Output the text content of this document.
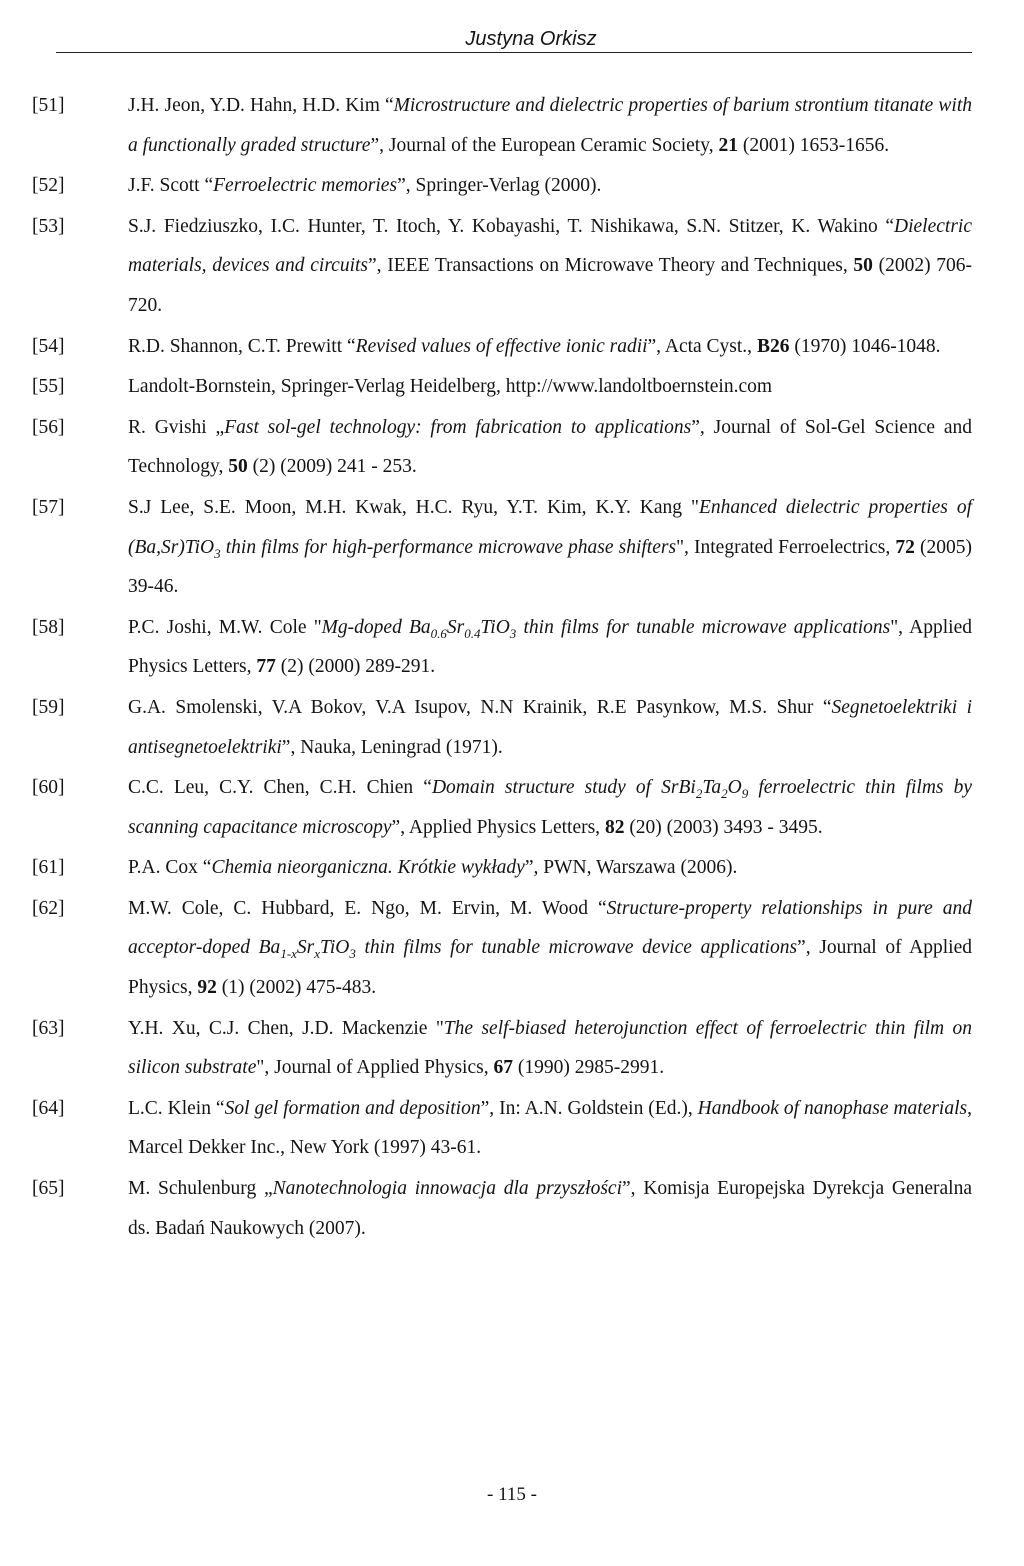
Justyna Orkisz
[51]	J.H. Jeon, Y.D. Hahn, H.D. Kim “Microstructure and dielectric properties of barium strontium titanate with a functionally graded structure”, Journal of the European Ceramic Society, 21 (2001) 1653-1656.
[52]	J.F. Scott “Ferroelectric memories”, Springer-Verlag (2000).
[53]	S.J. Fiedziuszko, I.C. Hunter, T. Itoch, Y. Kobayashi, T. Nishikawa, S.N. Stitzer, K. Wakino “Dielectric materials, devices and circuits”, IEEE Transactions on Microwave Theory and Techniques, 50 (2002) 706-720.
[54]	R.D. Shannon, C.T. Prewitt “Revised values of effective ionic radii”, Acta Cyst., B26 (1970) 1046-1048.
[55]	Landolt-Bornstein, Springer-Verlag Heidelberg, http://www.landoltboernstein.com
[56]	R. Gvishi „Fast sol-gel technology: from fabrication to applications”, Journal of Sol-Gel Science and Technology, 50 (2) (2009) 241 - 253.
[57]	S.J Lee, S.E. Moon, M.H. Kwak, H.C. Ryu, Y.T. Kim, K.Y. Kang "Enhanced dielectric properties of (Ba,Sr)TiO$_3$ thin films for high-performance microwave phase shifters", Integrated Ferroelectrics, 72 (2005) 39-46.
[58]	P.C. Joshi, M.W. Cole "Mg-doped $Ba_{0.6}Sr_{0.4}TiO_3$ thin films for tunable microwave applications", Applied Physics Letters, 77 (2) (2000) 289-291.
[59]	G.A. Smolenski, V.A Bokov, V.A Isupov, N.N Krainik, R.E Pasynkow, M.S. Shur “Segnetoelektriki i antisegnetoelektriki”, Nauka, Leningrad (1971).
[60]	C.C. Leu, C.Y. Chen, C.H. Chien “Domain structure study of $SrBi_2Ta_2O_9$ ferroelectric thin films by scanning capacitance microscopy”, Applied Physics Letters, 82 (20) (2003) 3493 - 3495.
[61]	P.A. Cox “Chemia nieorganiczna. Krótkie wykłady”, PWN, Warszawa (2006).
[62]	M.W. Cole, C. Hubbard, E. Ngo, M. Ervin, M. Wood “Structure-property relationships in pure and acceptor-doped $Ba_{1-x}Sr_xTiO_3$ thin films for tunable microwave device applications”, Journal of Applied Physics, 92 (1) (2002) 475-483.
[63]	Y.H. Xu, C.J. Chen, J.D. Mackenzie "The self-biased heterojunction effect of ferroelectric thin film on silicon substrate", Journal of Applied Physics, 67 (1990) 2985-2991.
[64]	L.C. Klein “Sol gel formation and deposition”, In: A.N. Goldstein (Ed.), Handbook of nanophase materials, Marcel Dekker Inc., New York (1997) 43-61.
[65]	M. Schulenburg „Nanotechnologia innowacja dla przyszłości”, Komisja Europejska Dyrekcja Generalna ds. Badań Naukowych (2007).
- 115 -
